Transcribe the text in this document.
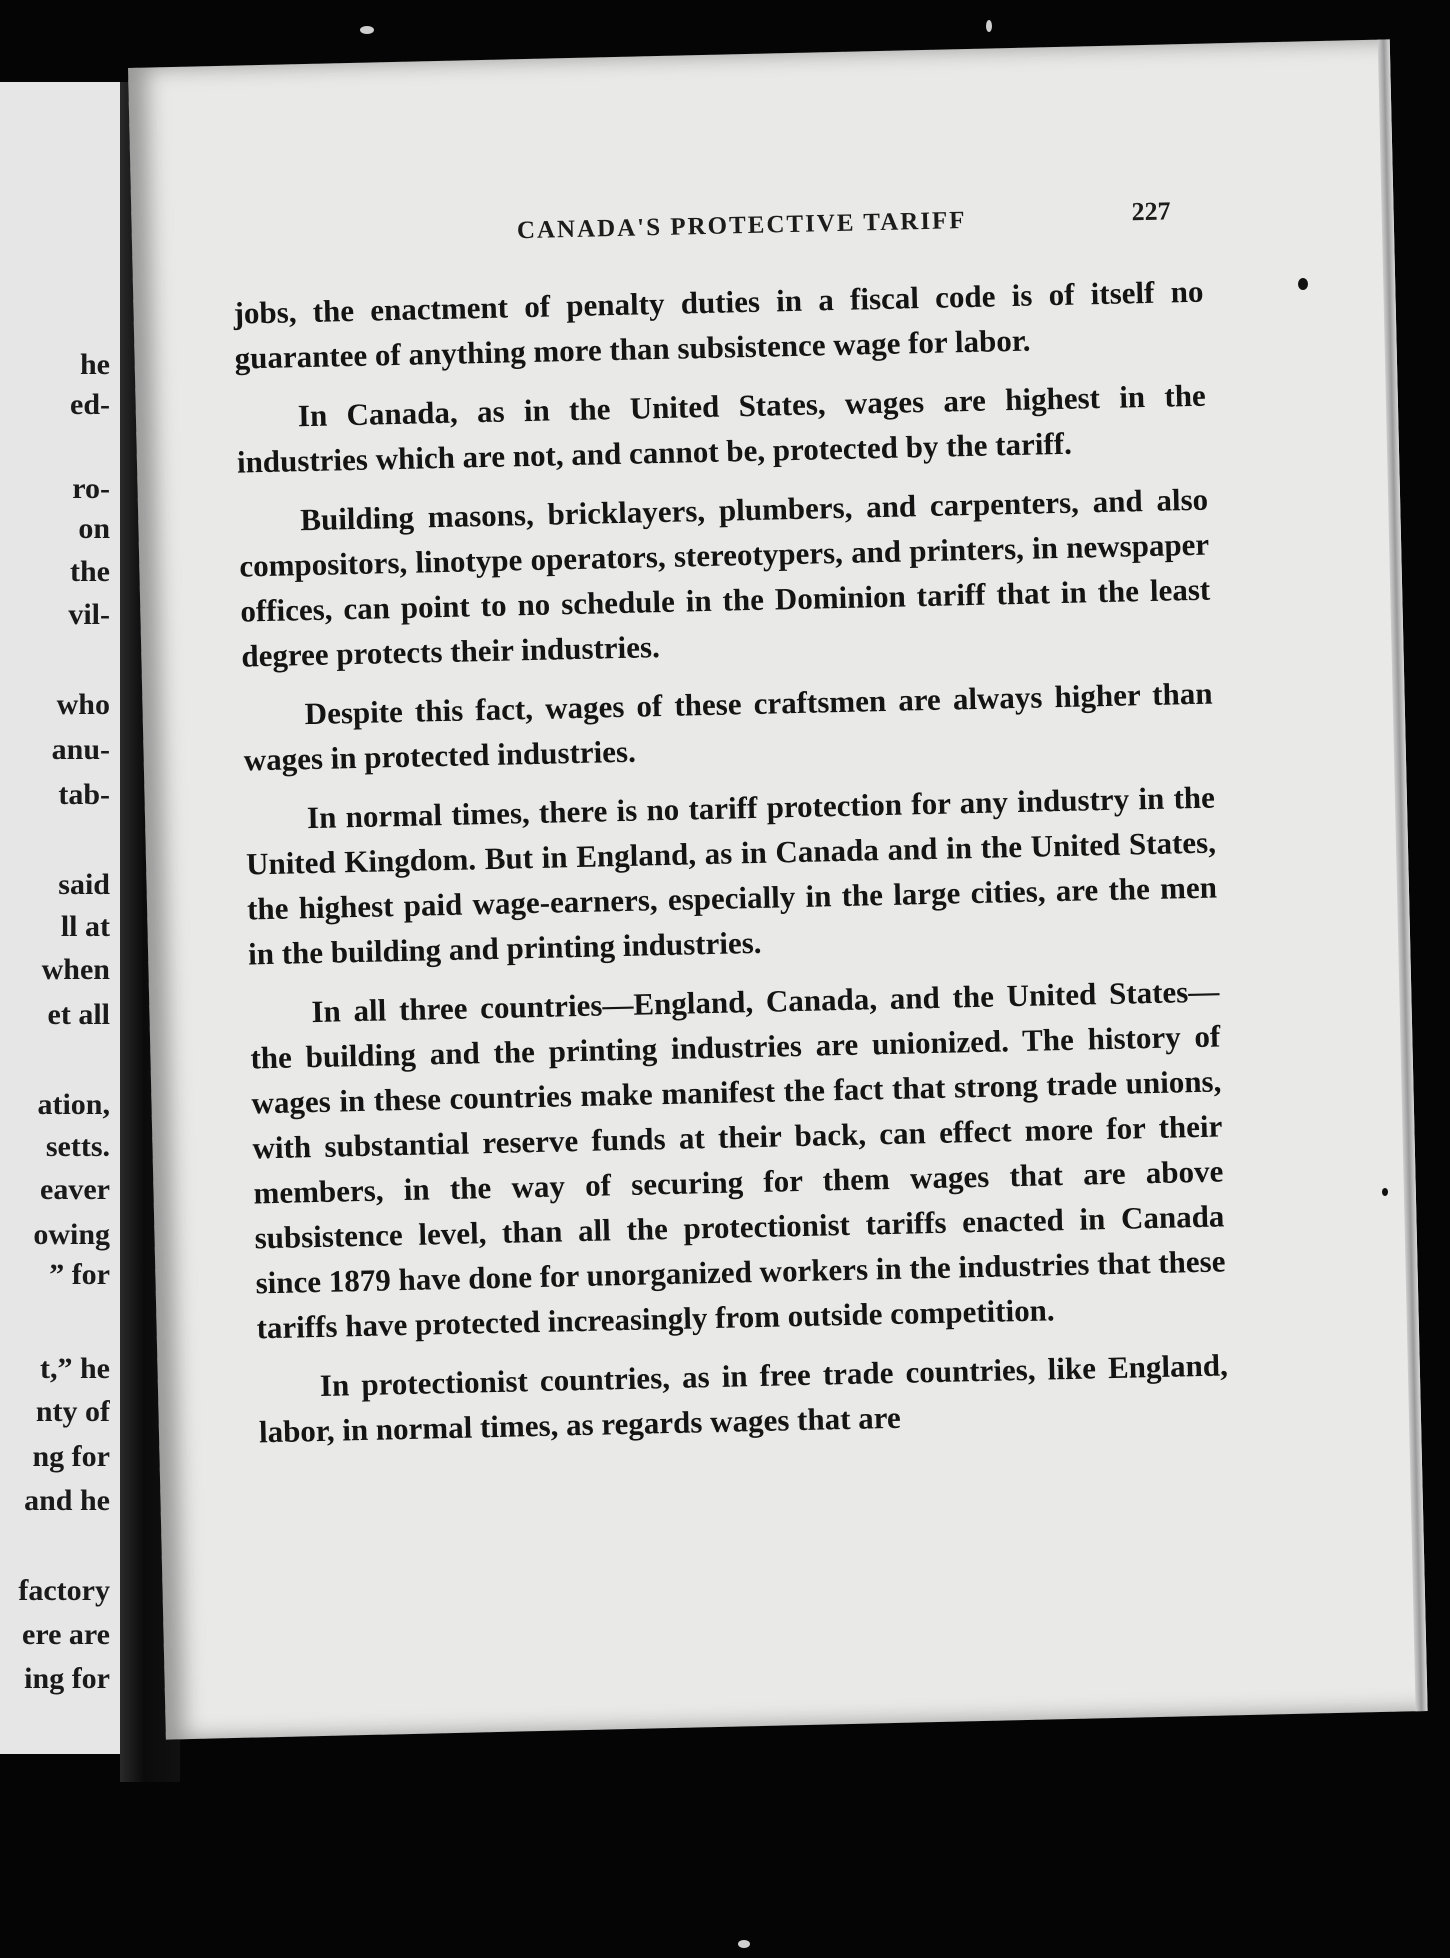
he
ed-
ro-
on
the
vil-
who
anu-
tab-
said
ll at
when
et all
ation,
setts.
eaver
owing
” for
t,” he
nty of
ng for
and he
factory
ere are
ing for
CANADA'S PROTECTIVE TARIFF	227

jobs, the enactment of penalty duties in a fiscal code is of itself no guarantee of anything more than subsistence wage for labor.

In Canada, as in the United States, wages are highest in the industries which are not, and cannot be, protected by the tariff.

Building masons, bricklayers, plumbers, and carpenters, and also compositors, linotype operators, stereotypers, and printers, in newspaper offices, can point to no schedule in the Dominion tariff that in the least degree protects their industries.

Despite this fact, wages of these craftsmen are always higher than wages in protected industries.

In normal times, there is no tariff protection for any industry in the United Kingdom. But in England, as in Canada and in the United States, the highest paid wage-earners, especially in the large cities, are the men in the building and printing industries.

In all three countries—England, Canada, and the United States—the building and the printing industries are unionized. The history of wages in these countries make manifest the fact that strong trade unions, with substantial reserve funds at their back, can effect more for their members, in the way of securing for them wages that are above subsistence level, than all the protectionist tariffs enacted in Canada since 1879 have done for unorganized workers in the industries that these tariffs have protected increasingly from outside competition.

In protectionist countries, as in free trade countries, like England, labor, in normal times, as regards wages that are
